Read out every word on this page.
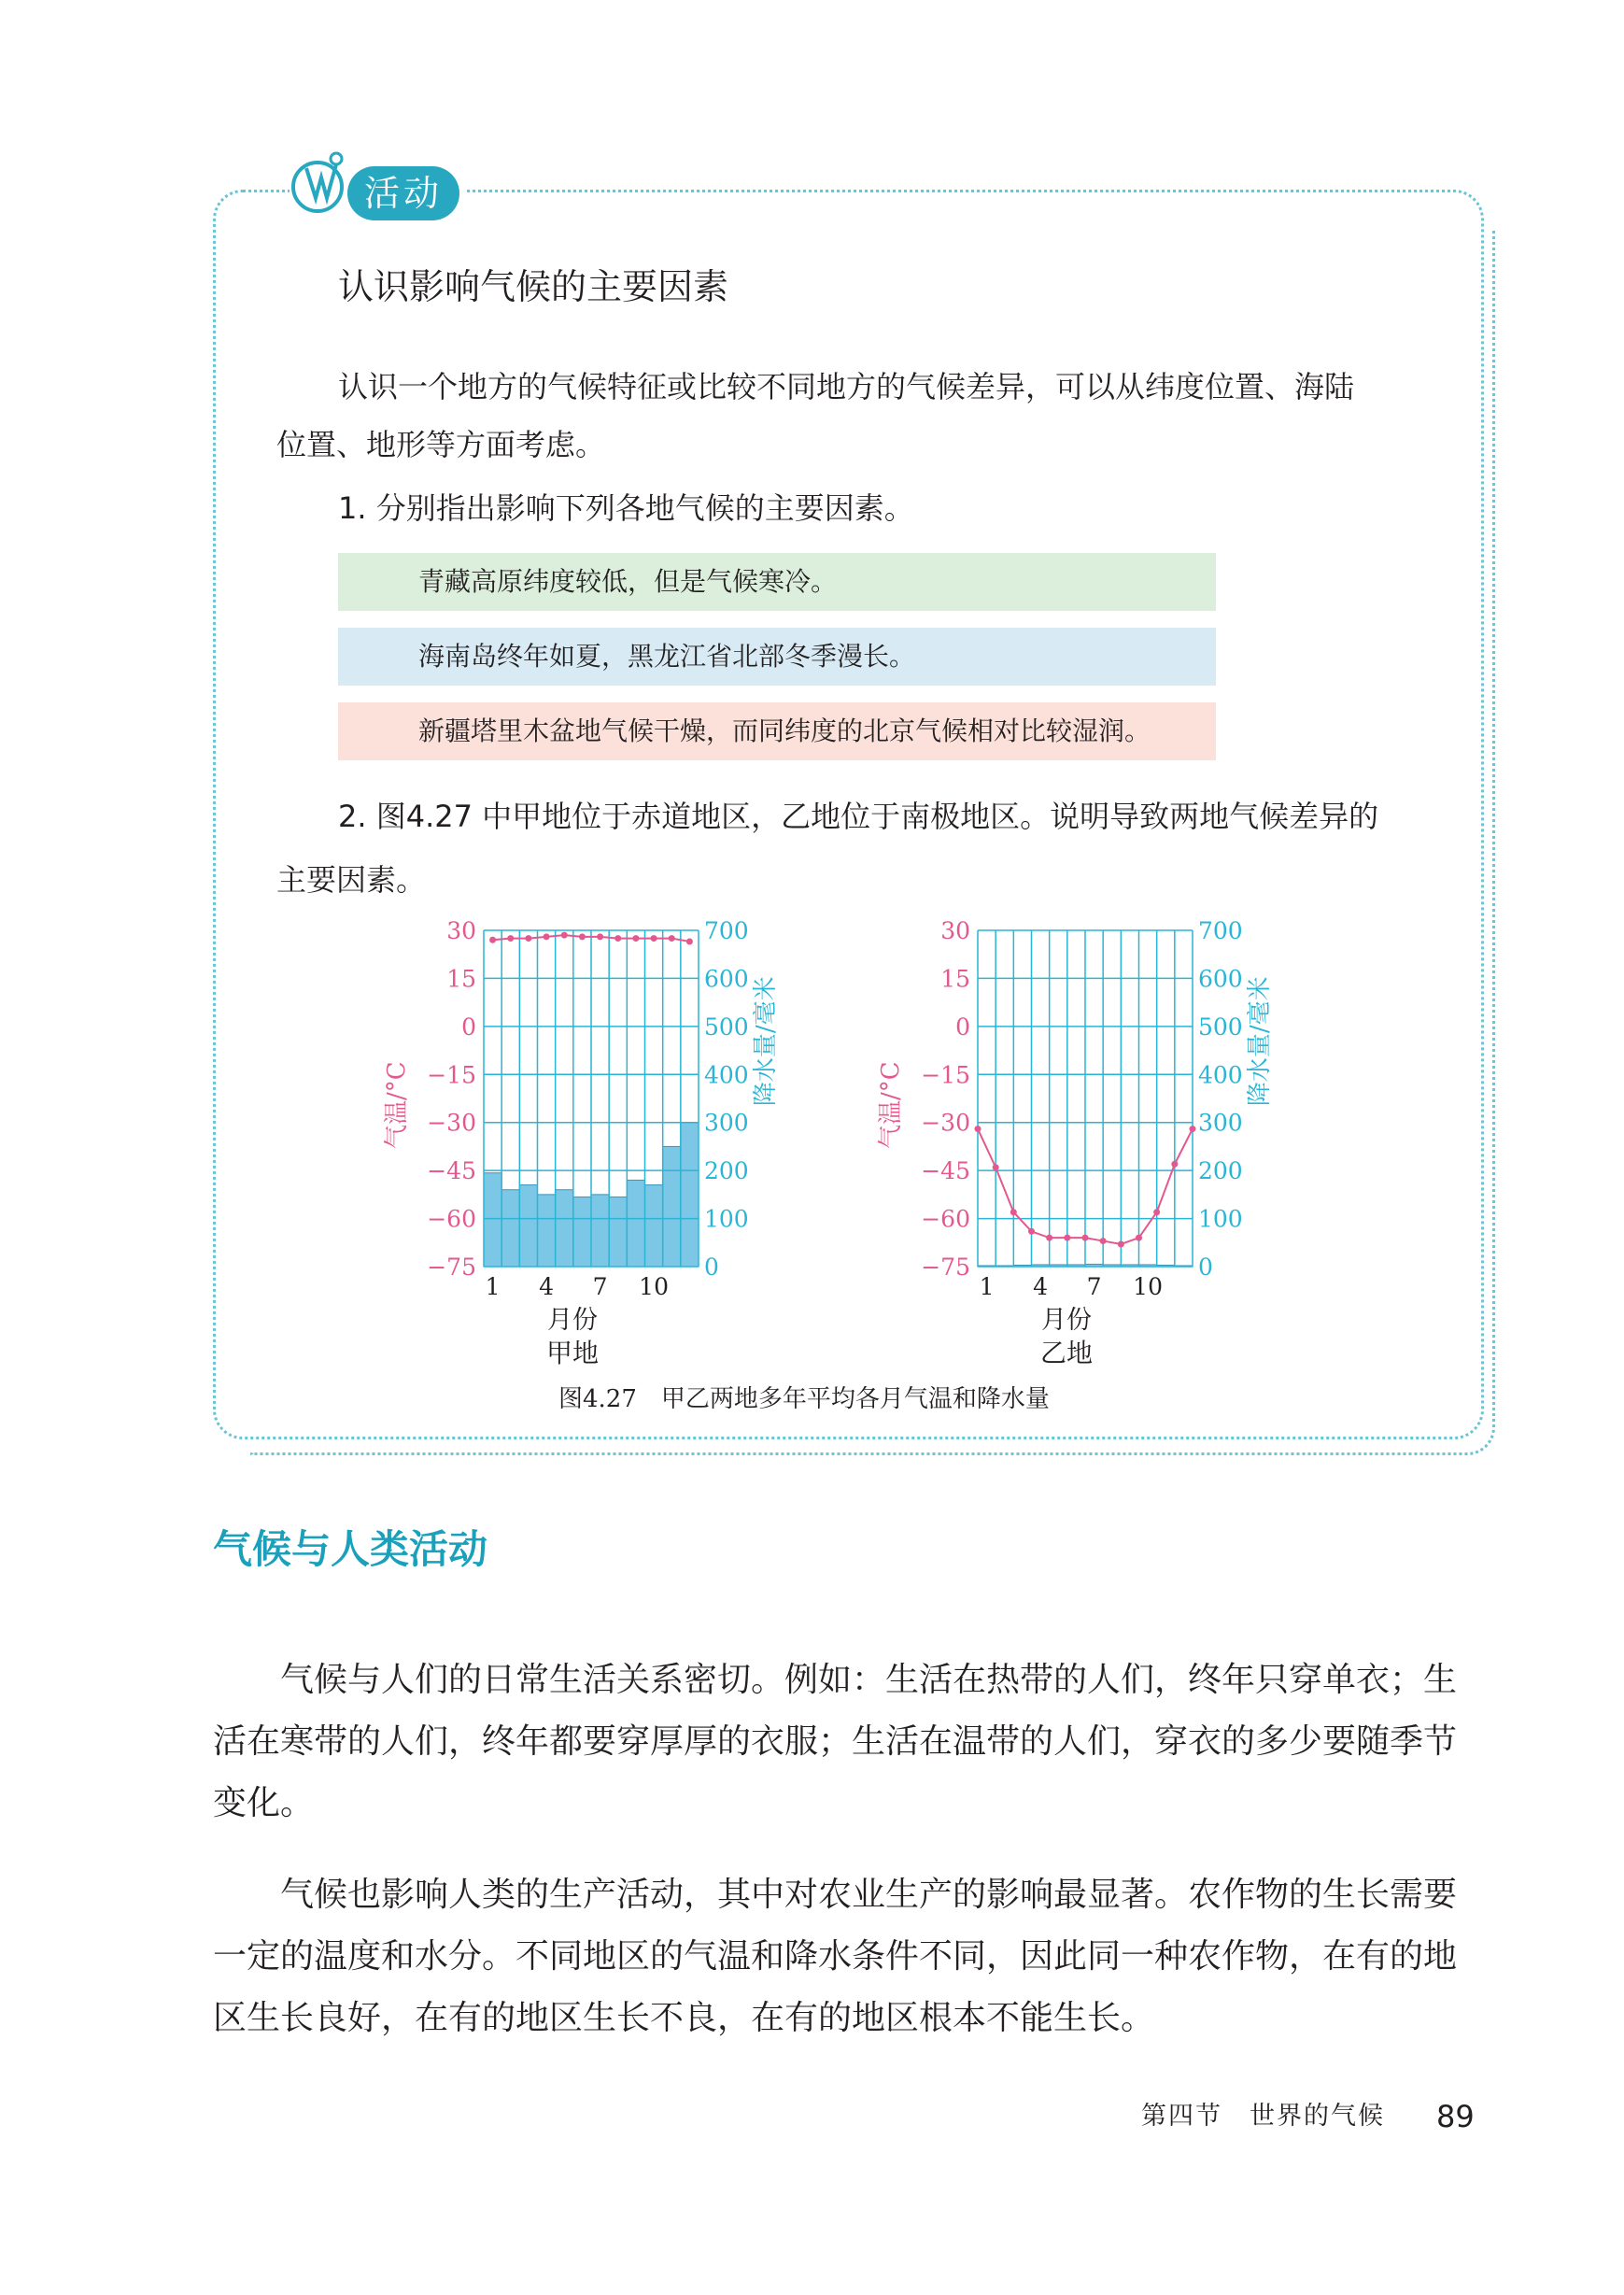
活动
认识影响气候的主要因素
认识一个地方的气候特征或比较不同地方的气候差异，可以从纬度位置、海陆
位置、地形等方面考虑。
1. 分别指出影响下列各地气候的主要因素。
青藏高原纬度较低，但是气候寒冷。
海南岛终年如夏，黑龙江省北部冬季漫长。
新疆塔里木盆地气候干燥，而同纬度的北京气候相对比较湿润。
2. 图4.27 中甲地位于赤道地区，乙地位于南极地区。说明导致两地气候差异的
主要因素。
30
15
0
−15
−30
−45
−60
−75
700
600
500
400
300
200
100
0
1 4 7 10
月份
甲地
气温/°C	降水量/毫米
30
15
0
−15
−30
−45
−60
−75
700
600
500
400
300
200
100
0
1 4 7 10
月份
乙地
气温/°C	降水量/毫米
图4.27　甲乙两地多年平均各月气温和降水量
气候与人类活动
气候与人们的日常生活关系密切。例如：生活在热带的人们，终年只穿单衣；生活在寒带的人们，终年都要穿厚厚的衣服；生活在温带的人们，穿衣的多少要随季节变化。
气候也影响人类的生产活动，其中对农业生产的影响最显著。农作物的生长需要一定的温度和水分。不同地区的气温和降水条件不同，因此同一种农作物，在有的地区生长良好，在有的地区生长不良，在有的地区根本不能生长。
第四节　世界的气候 89
